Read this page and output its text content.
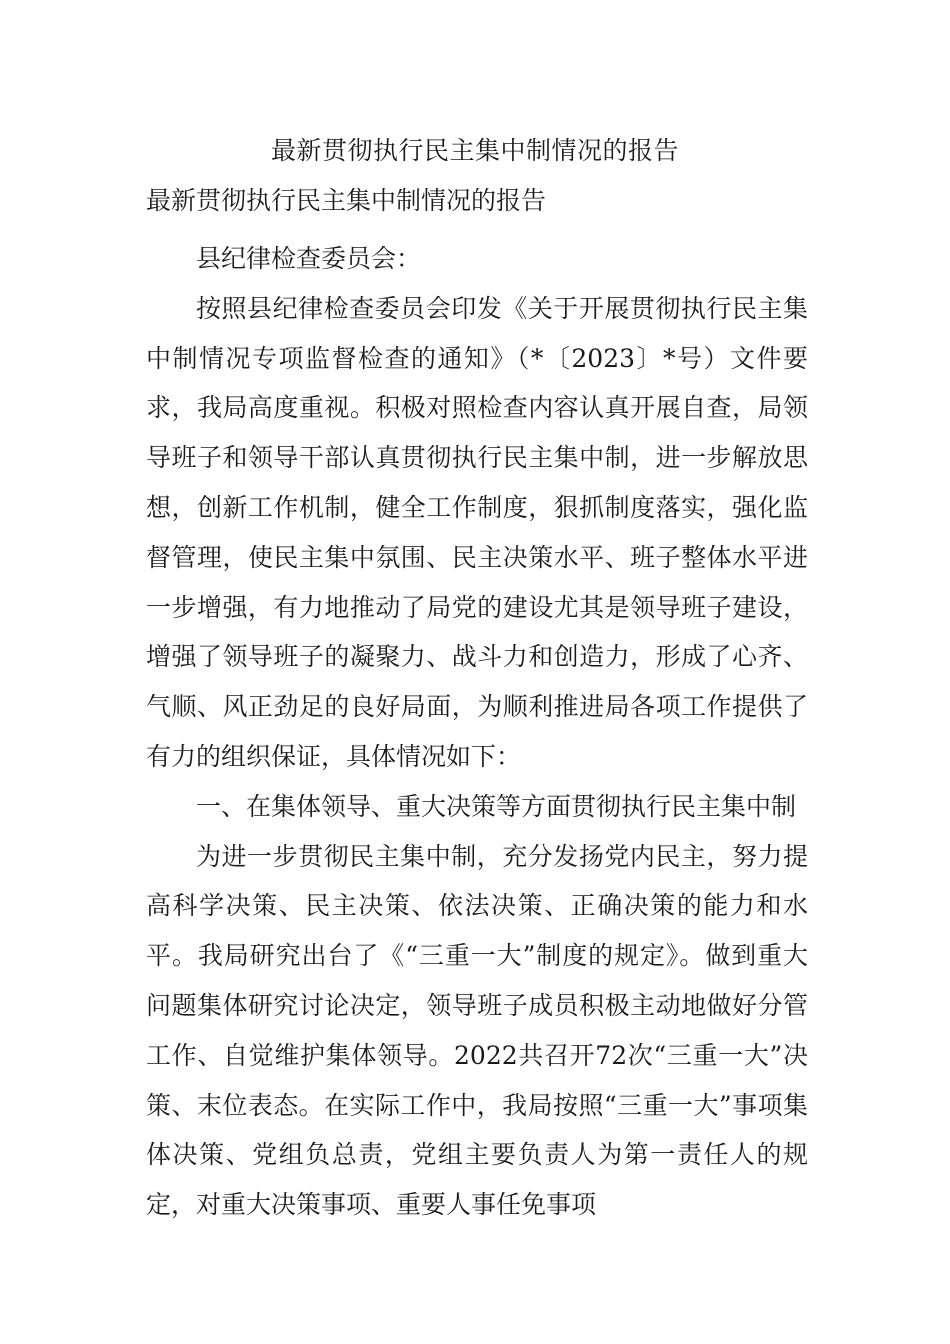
最新贯彻执行民主集中制情况的报告
最新贯彻执行民主集中制情况的报告

县纪律检查委员会：

按照县纪律检查委员会印发《关于开展贯彻执行民主集中制情况专项监督检查的通知》（*〔2023〕*号）文件要求，我局高度重视。积极对照检查内容认真开展自查，局领导班子和领导干部认真贯彻执行民主集中制，进一步解放思想，创新工作机制，健全工作制度，狠抓制度落实，强化监督管理，使民主集中氛围、民主决策水平、班子整体水平进一步增强，有力地推动了局党的建设尤其是领导班子建设，增强了领导班子的凝聚力、战斗力和创造力，形成了心齐、气顺、风正劲足的良好局面，为顺利推进局各项工作提供了有力的组织保证，具体情况如下：

一、在集体领导、重大决策等方面贯彻执行民主集中制

为进一步贯彻民主集中制，充分发扬党内民主，努力提高科学决策、民主决策、依法决策、正确决策的能力和水平。我局研究出台了《“三重一大”制度的规定》。做到重大问题集体研究讨论决定，领导班子成员积极主动地做好分管工作、自觉维护集体领导。2022共召开72次“三重一大”决策、末位表态。在实际工作中，我局按照“三重一大”事项集体决策、党组负总责，党组主要负责人为第一责任人的规定，对重大决策事项、重要人事任免事项
